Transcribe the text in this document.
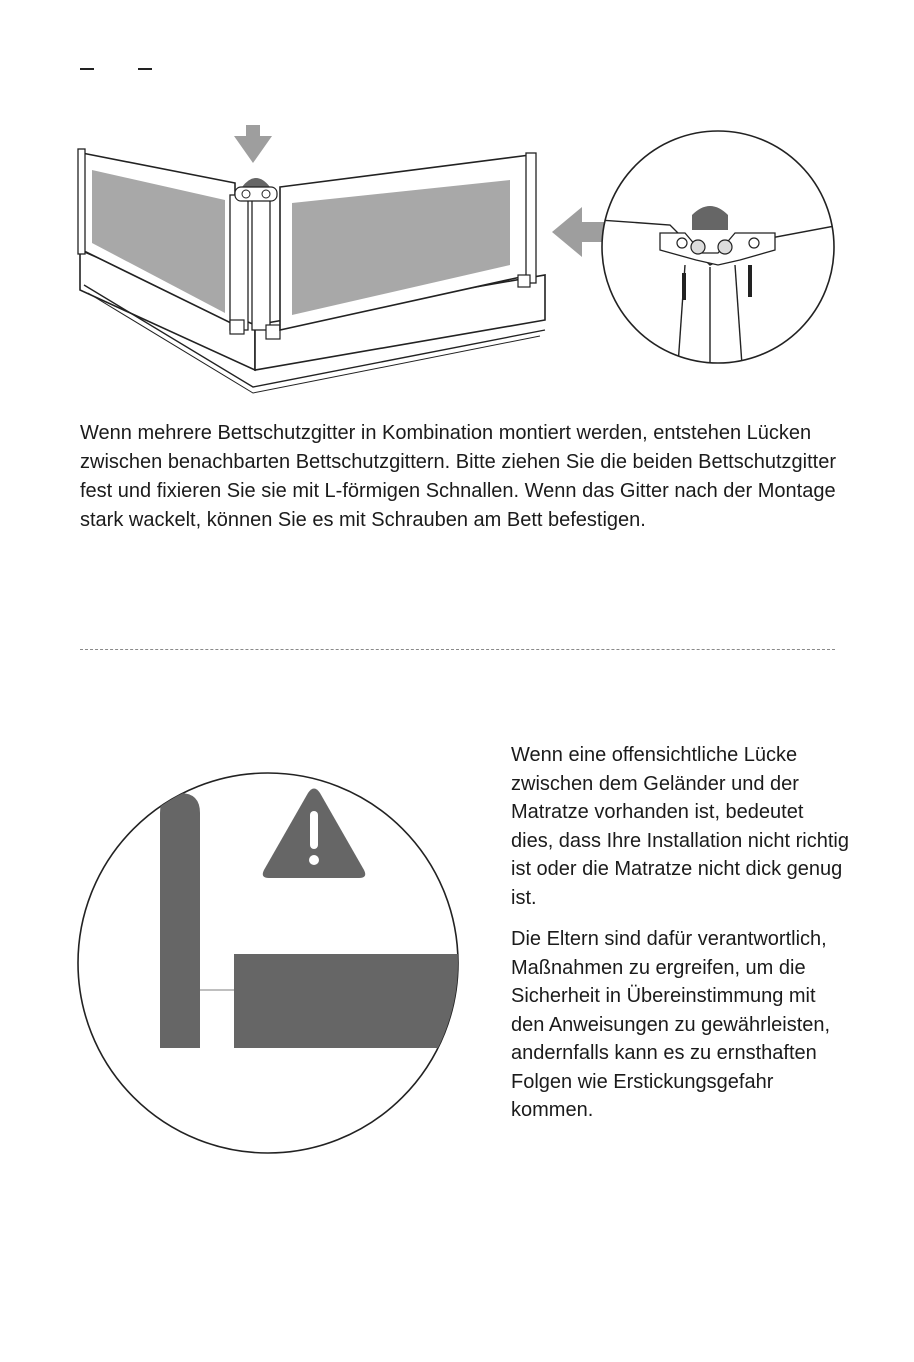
Wenn mehrere Bettschutzgitter in Kombination montiert werden, entstehen Lücken zwischen benachbarten Bettschutzgittern. Bitte ziehen Sie die beiden Bettschutzgitter fest und fixieren Sie sie mit L-förmigen Schnallen. Wenn das Gitter nach der Montage stark wackelt, können Sie es mit Schrauben am Bett befestigen.

Wenn eine offensichtliche Lücke zwischen dem Geländer und der Matratze vorhanden ist, bedeutet dies, dass Ihre Installation nicht richtig ist oder die Matratze nicht dick genug ist.

Die Eltern sind dafür verantwortlich, Maßnahmen zu ergreifen, um die Sicherheit in Übereinstimmung mit den Anweisungen zu gewährleisten, andernfalls kann es zu ernsthaften Folgen wie Erstickungsgefahr kommen.
